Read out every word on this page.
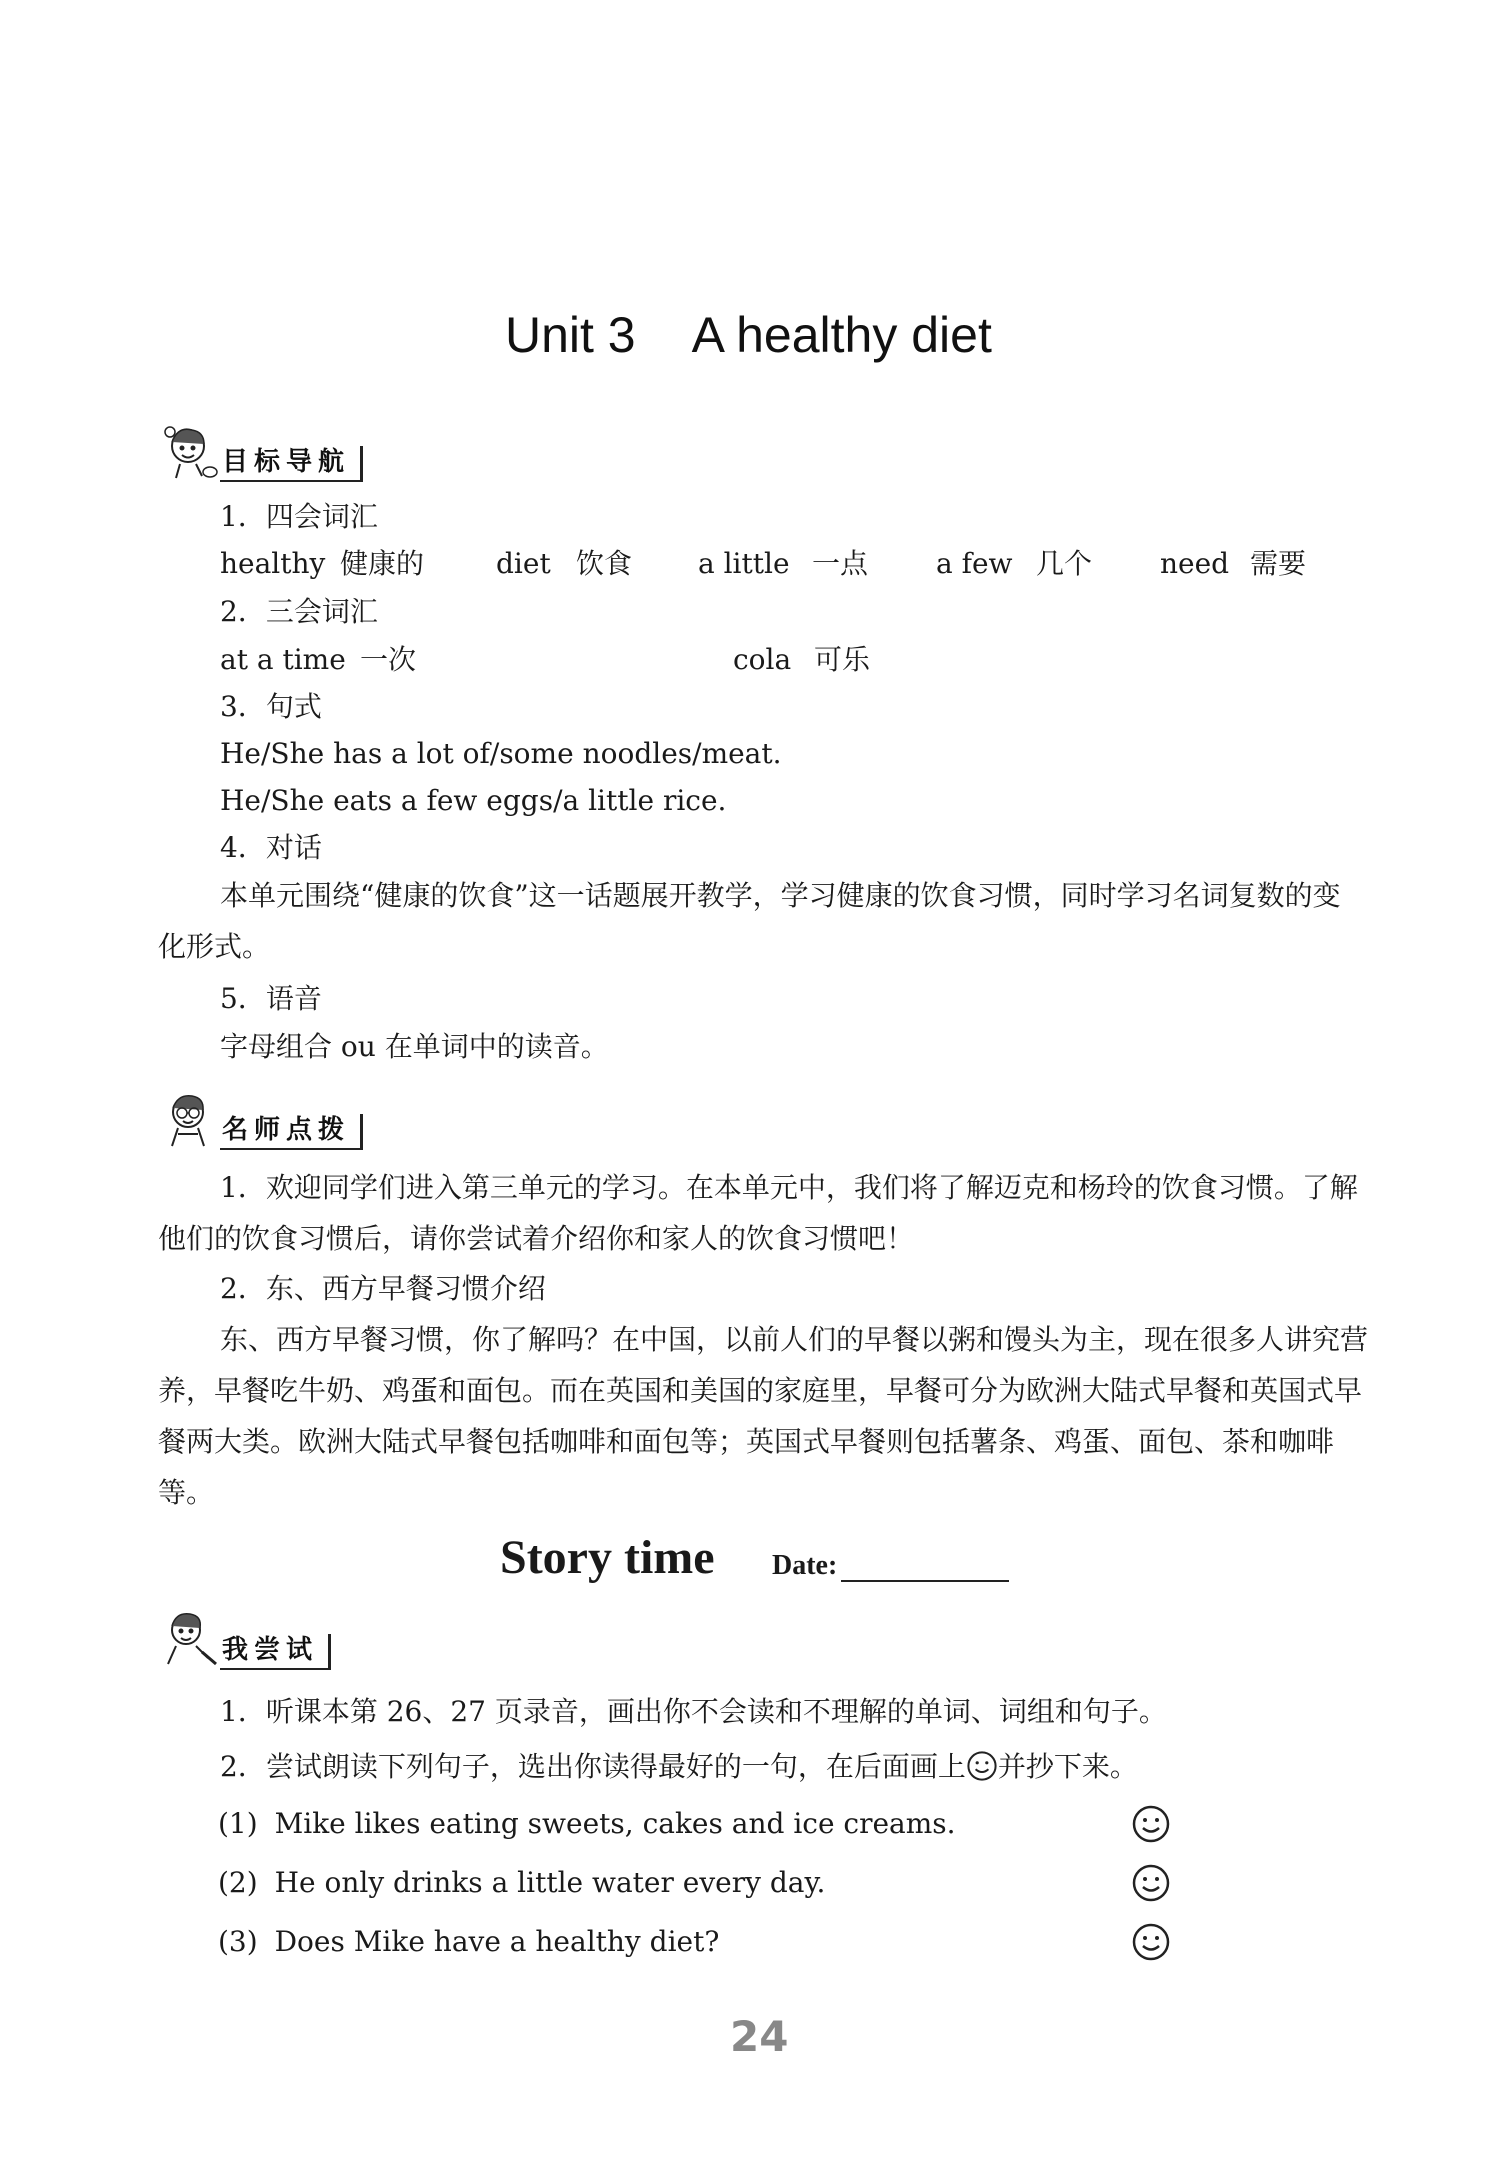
Unit 3 A healthy diet
目标导航
1．四会词汇
healthy 健康的	diet 饮食 a little 一点 a few 几个 need 需要
2．三会词汇
at a time 一次	cola 可乐
3．句式
He/She has a lot of/some noodles/meat.
He/She eats a few eggs/a little rice.
4．对话
本单元围绕“健康的饮食”这一话题展开教学，学习健康的饮食习惯，同时学习名词复数的变化形式。
5．语音
字母组合 ou 在单词中的读音。
名师点拨
1．欢迎同学们进入第三单元的学习。在本单元中，我们将了解迈克和杨玲的饮食习惯。了解他们的饮食习惯后，请你尝试着介绍你和家人的饮食习惯吧！
2．东、西方早餐习惯介绍
东、西方早餐习惯，你了解吗？在中国，以前人们的早餐以粥和馒头为主，现在很多人讲究营养，早餐吃牛奶、鸡蛋和面包。而在英国和美国的家庭里，早餐可分为欧洲大陆式早餐和英国式早餐两大类。欧洲大陆式早餐包括咖啡和面包等；英国式早餐则包括薯条、鸡蛋、面包、茶和咖啡等。
Story time Date:
我尝试
1．听课本第 26、27 页录音，画出你不会读和不理解的单词、词组和句子。
2．尝试朗读下列句子，选出你读得最好的一句，在后面画上 并抄下来。
(1) Mike likes eating sweets, cakes and ice creams.
(2) He only drinks a little water every day.
(3) Does Mike have a healthy diet?
24
